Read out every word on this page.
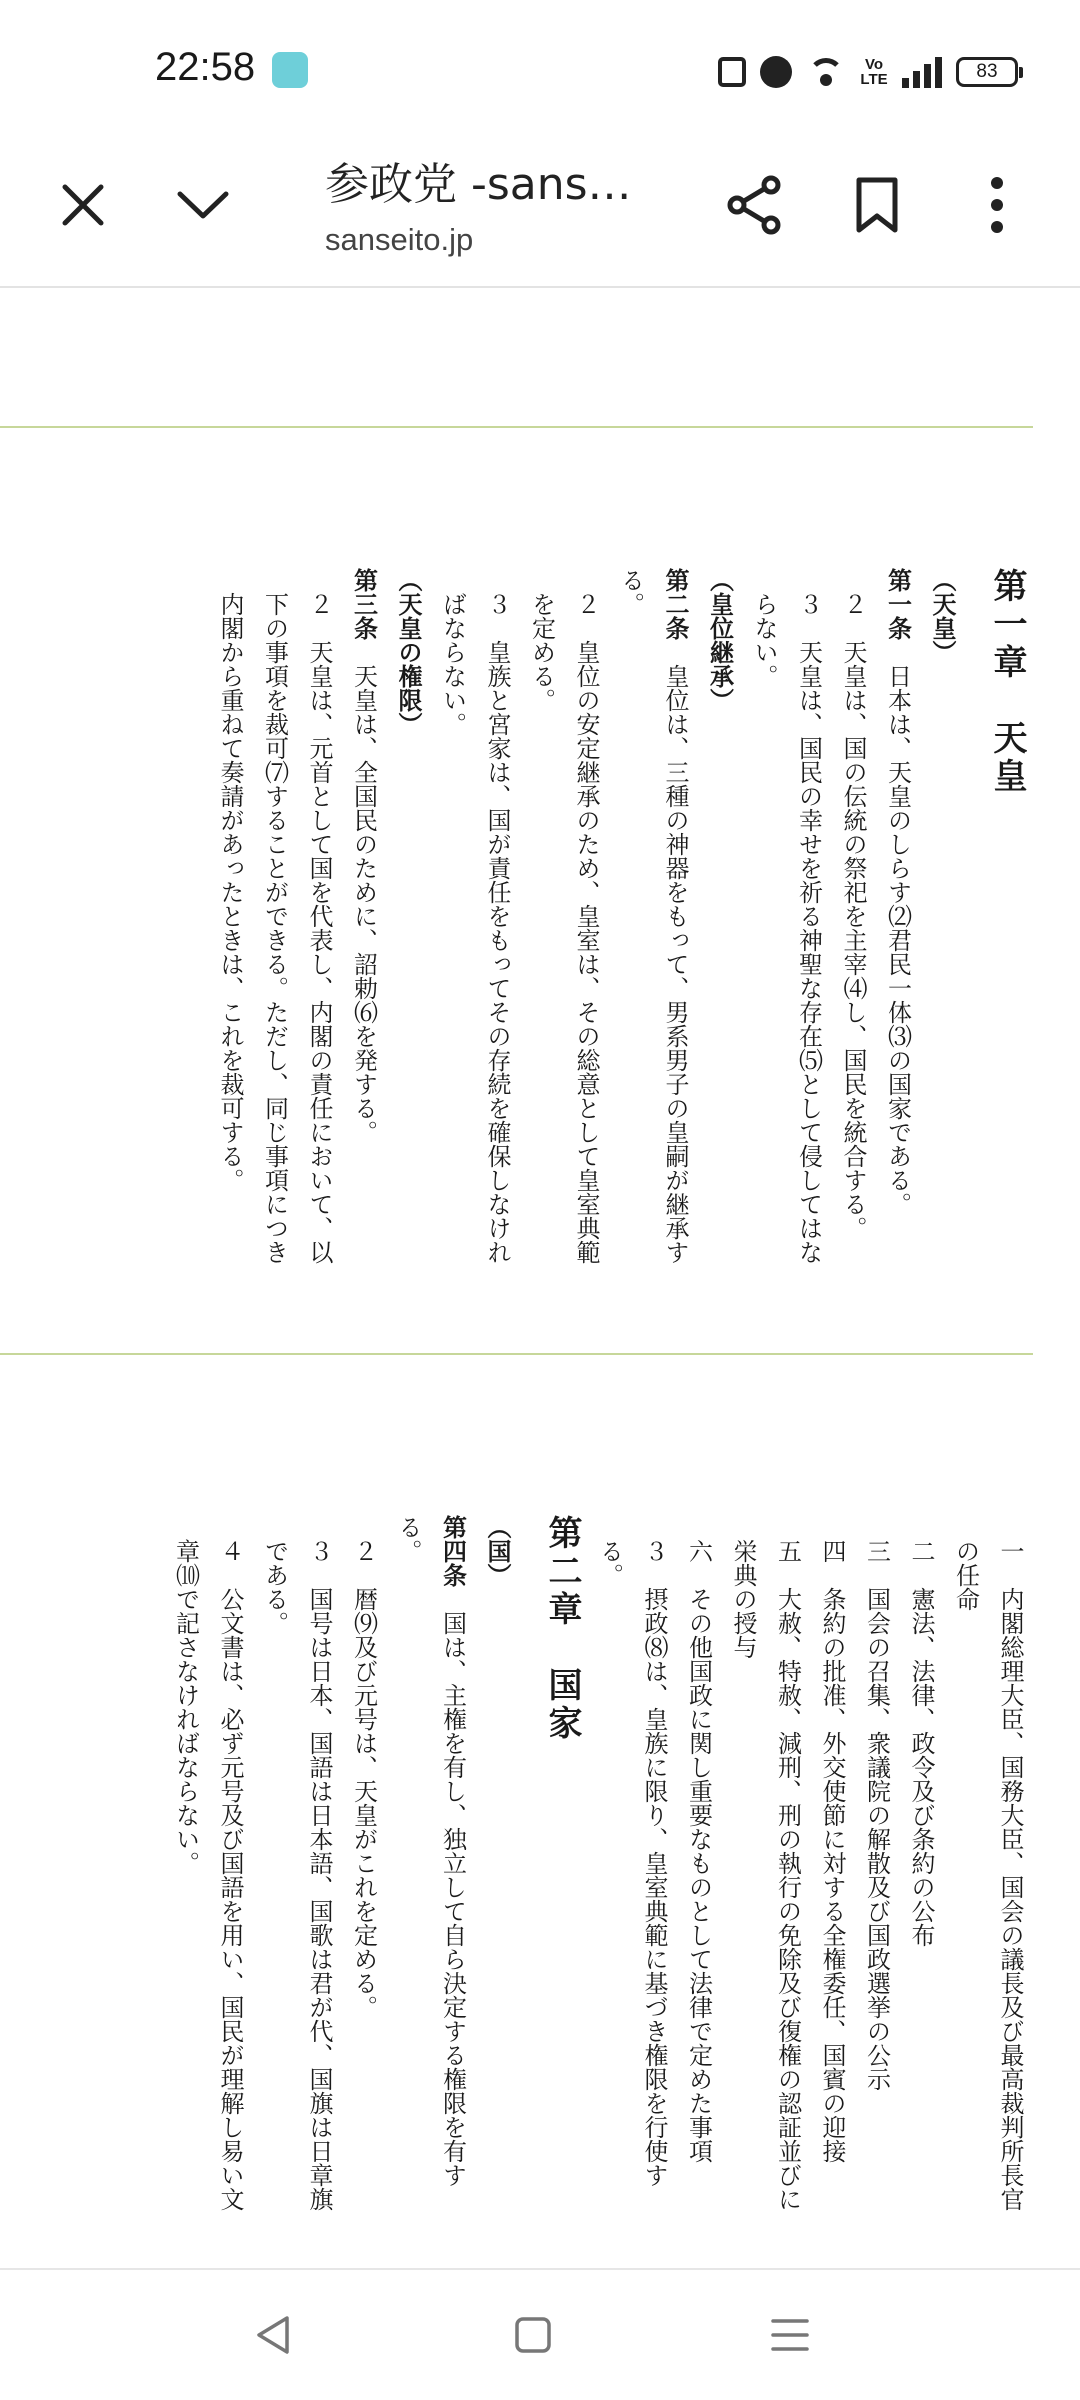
22:58	Vo
LTE	83
参政党 -sans…
sanseito.jp
第一章　天皇

（天皇）

第一条　日本は、天皇のしらす⑵君民一体⑶の国家である。

２　天皇は、国の伝統の祭祀を主宰⑷し、国民を統合する。

３　天皇は、国民の幸せを祈る神聖な存在⑸として侵してはならない。

（皇位継承）

第二条　皇位は、三種の神器をもって、男系男子の皇嗣が継承する。

２　皇位の安定継承のため、皇室は、その総意として皇室典範を定める。

３　皇族と宮家は、国が責任をもってその存続を確保しなければならない。

（天皇の権限）

第三条　天皇は、全国民のために、詔勅⑹を発する。

２　天皇は、元首として国を代表し、内閣の責任において、以下の事項を裁可⑺することができる。ただし、同じ事項につき内閣から重ねて奏請があったときは、これを裁可する。

一　内閣総理大臣、国務大臣、国会の議長及び最高裁判所長官の任命

二　憲法、法律、政令及び条約の公布

三　国会の召集、衆議院の解散及び国政選挙の公示

四　条約の批准、外交使節に対する全権委任、国賓の迎接

五　大赦、特赦、減刑、刑の執行の免除及び復権の認証並びに栄典の授与

六　その他国政に関し重要なものとして法律で定めた事項

３　摂政⑻は、皇族に限り、皇室典範に基づき権限を行使する。

第二章　国家

（国）

第四条　国は、主権を有し、独立して自ら決定する権限を有する。

２　暦⑼及び元号は、天皇がこれを定める。

３　国号は日本、国語は日本語、国歌は君が代、国旗は日章旗である。

４　公文書は、必ず元号及び国語を用い、国民が理解し易い文章⑽で記さなければならない。
